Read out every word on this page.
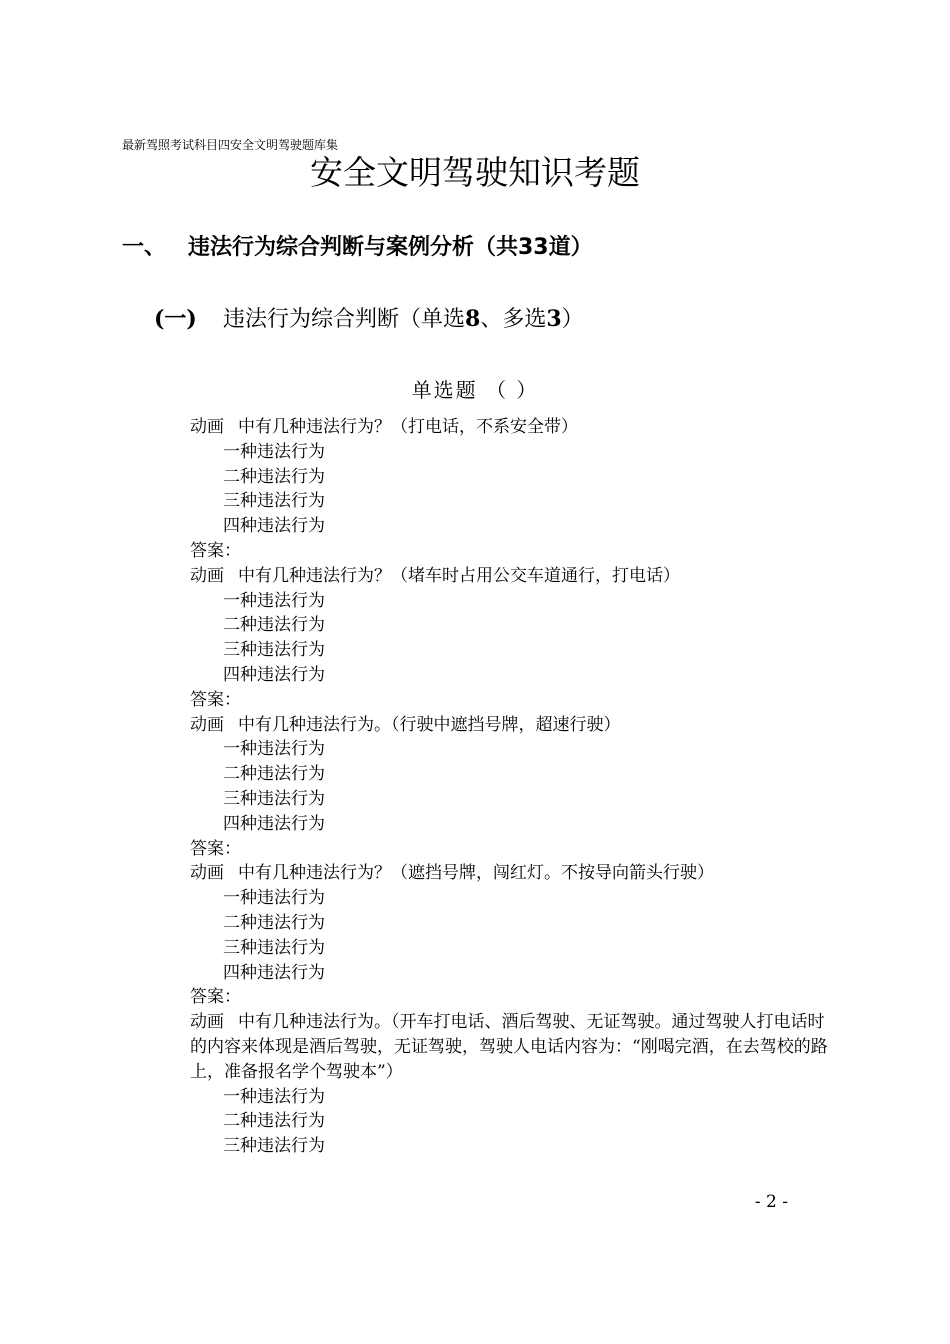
最新驾照考试科目四安全文明驾驶题库集
安全文明驾驶知识考题
一、 违法行为综合判断与案例分析（共33道）
(一) 违法行为综合判断（单选8、多选3）
单选题 （ ）

动画 中有几种违法行为？（打电话，不系安全带）

一种违法行为

二种违法行为

三种违法行为

四种违法行为

答案：

动画 中有几种违法行为？（堵车时占用公交车道通行，打电话）

一种违法行为

二种违法行为

三种违法行为

四种违法行为

答案：

动画 中有几种违法行为。（行驶中遮挡号牌，超速行驶）

一种违法行为

二种违法行为

三种违法行为

四种违法行为

答案：

动画 中有几种违法行为？（遮挡号牌，闯红灯。不按导向箭头行驶）

一种违法行为

二种违法行为

三种违法行为

四种违法行为

答案：

动画 中有几种违法行为。（开车打电话、酒后驾驶、无证驾驶。通过驾驶人打电话时的内容来体现是酒后驾驶，无证驾驶，驾驶人电话内容为：“刚喝完酒，在去驾校的路上，准备报名学个驾驶本”）

一种违法行为

二种违法行为

三种违法行为

- 2 -
